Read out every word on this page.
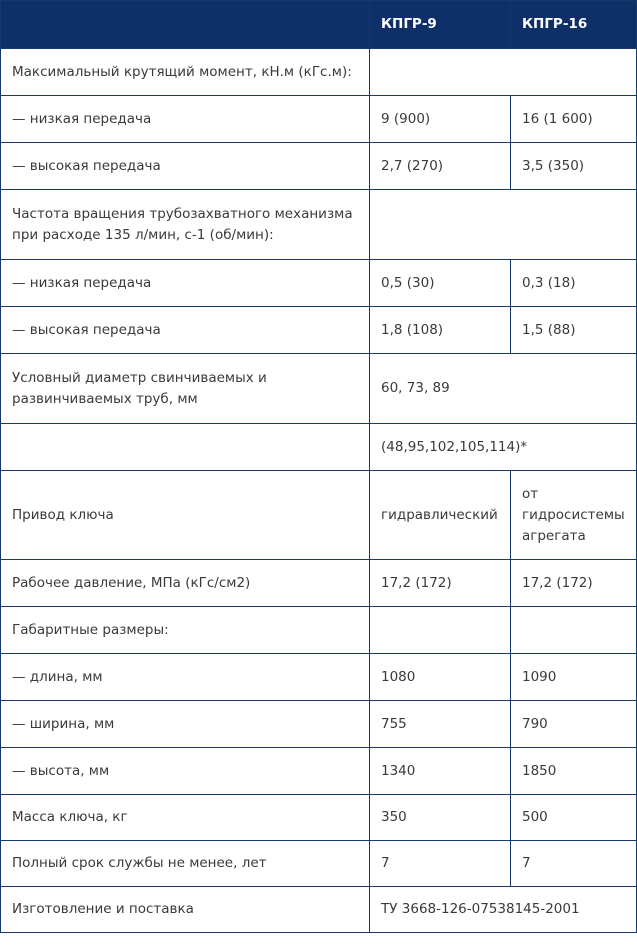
	КПГР-9	КПГР-16
Максимальный крутящий момент, кН.м (кГс.м):		
— низкая передача	9 (900)	16 (1 600)
— высокая передача	2,7 (270)	3,5 (350)
Частота вращения трубозахватного механизма при расходе 135 л/мин, с-1 (об/мин):		
— низкая передача	0,5 (30)	0,3 (18)
— высокая передача	1,8 (108)	1,5 (88)
Условный диаметр свинчиваемых и развинчиваемых труб, мм	60, 73, 89	
	(48,95,102,105,114)*	
Привод ключа	гидравлический	от гидросистемы агрегата
Рабочее давление, МПа (кГс/см2)	17,2 (172)	17,2 (172)
Габаритные размеры:		
— длина, мм	1080	1090
— ширина, мм	755	790
— высота, мм	1340	1850
Масса ключа, кг	350	500
Полный срок службы не менее, лет	7	7
Изготовление и поставка	ТУ 3668-126-07538145-2001	
